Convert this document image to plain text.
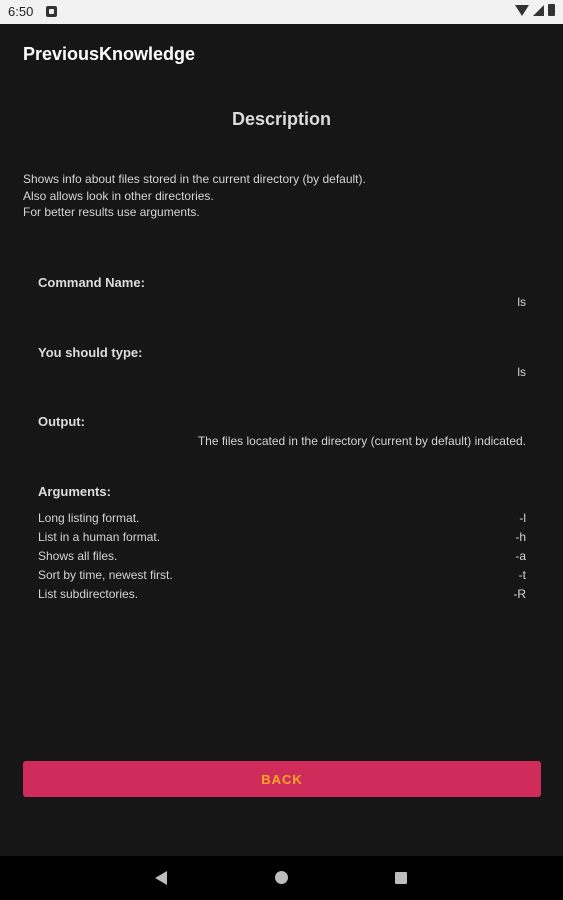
6:50
PreviousKnowledge
Description
Shows info about files stored in the current directory (by default).
Also allows look in other directories.
For better results use arguments.
Command Name:
ls
You should type:
ls
Output:
The files located in the directory (current by default) indicated.
Arguments:
Long listing format.	-l
List in a human format.	-h
Shows all files.	-a
Sort by time, newest first.	-t
List subdirectories.	-R
BACK
